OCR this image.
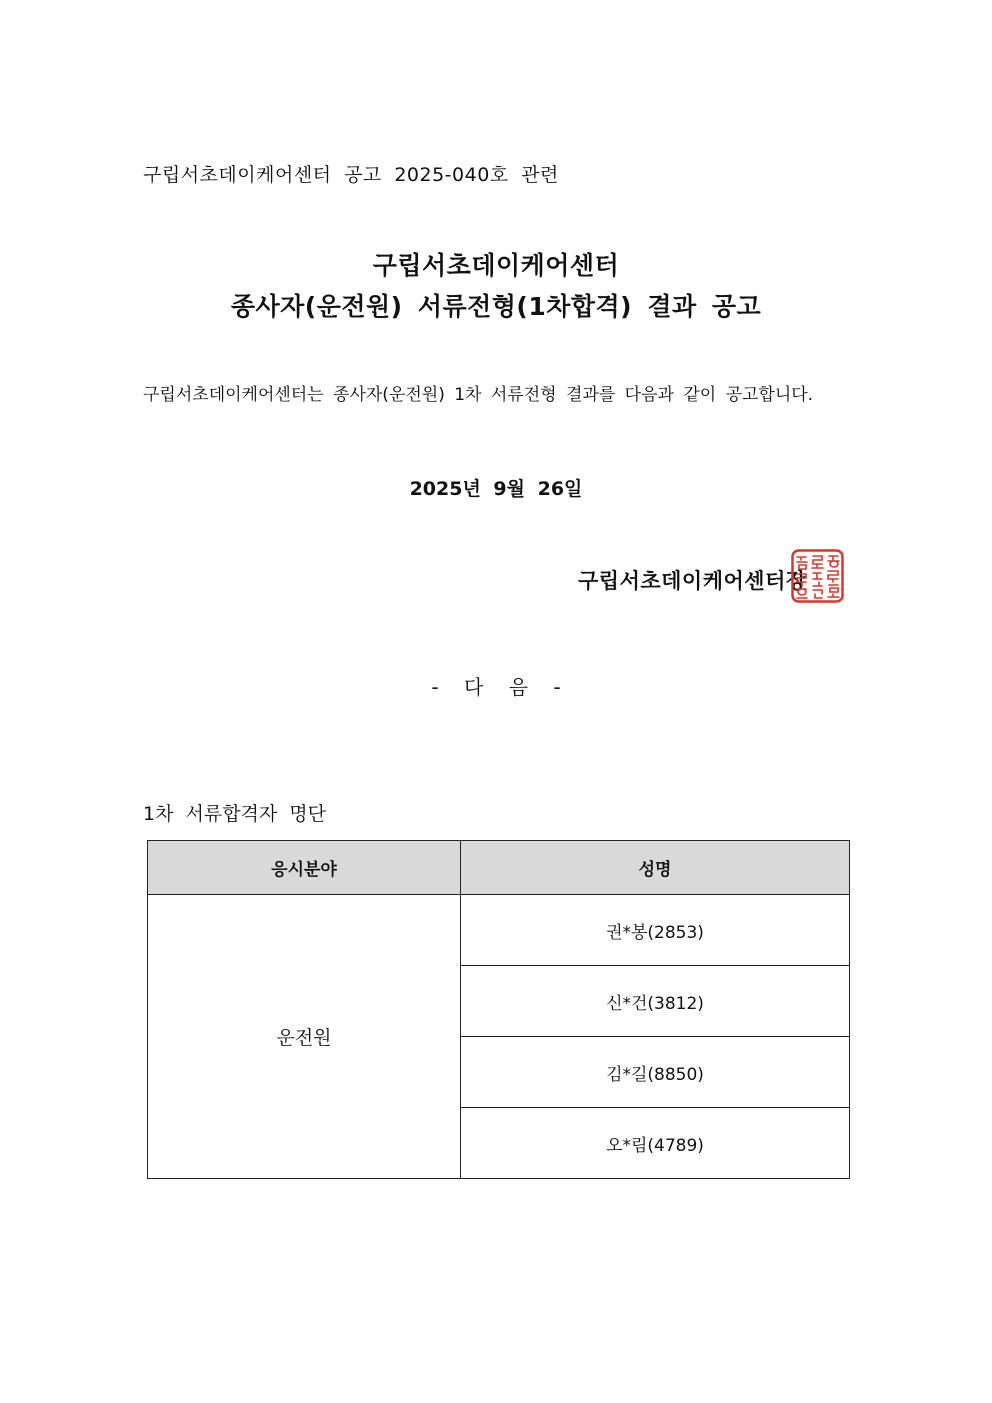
구립서초데이케어센터 공고 2025-040호 관련
구립서초데이케어센터
종사자(운전원) 서류전형(1차합격) 결과 공고
구립서초데이케어센터는 종사자(운전원) 1차 서류전형 결과를 다음과 같이 공고합니다.
2025년 9월 26일
구립서초데이케어센터장
-    다    음    -
1차 서류합격자 명단
응시분야	성명
운전원	권*봉(2853)
	신*건(3812)
	김*길(8850)
	오*림(4789)
